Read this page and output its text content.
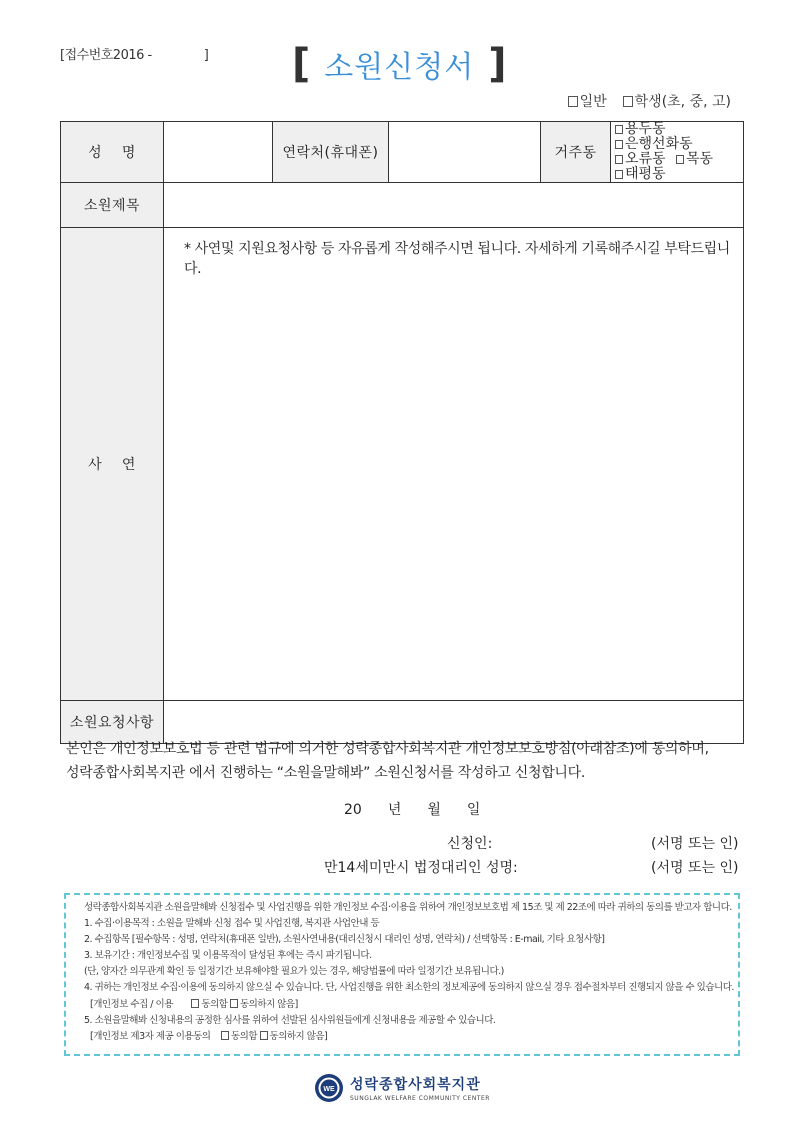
[접수번호2016 -	] [ 소원신청서 ]
일반	학생(초, 중, 고)
성    명		연락처(휴대폰)		거주동	용두동 은행선화동
오류동 목동 태평동

소원제목					
사    연	* 사연및 지원요청사항 등 자유롭게 작성해주시면 됩니다. 자세하게 기록해주시길 부탁드립니다.				
소원요청사항					
본인은 개인정보보호법 등 관련 법규에 의거한 성락종합사회복지관 개인정보보호방침(아래참조)에 동의하며,
성락종합사회복지관 에서 진행하는 “소원을말해봐” 소원신청서를 작성하고 신청합니다.
20 년 월 일
신청인:	(서명 또는 인)
만14세미만시 법정대리인 성명:	(서명 또는 인)
성락종합사회복지관 소원을말해봐 신청접수 및 사업진행을 위한 개인정보 수집·이용을 위하여 개인정보보호법 제 15조 및 제 22조에 따라 귀하의 동의를 받고자 합니다.
1. 수집·이용목적 : 소원을 말해봐 신청 접수 및 사업진행, 복지관 사업안내 등
2. 수집항목 [필수항목 : 성명, 연락처(휴대폰 일반), 소원사연내용(대리신청시 대리인 성명, 연락처) / 선택항목 : E-mail, 기타 요청사항]
3. 보유기간 : 개인정보수집 및 이용목적이 달성된 후에는 즉시 파기됩니다.
(단, 양자간 의무관계 확인 등 일정기간 보유해야할 필요가 있는 경우, 해당법률에 따라 일정기간 보유됩니다.)
4. 귀하는 개인정보 수집·이용에 동의하지 않으실 수 있습니다. 단, 사업진행을 위한 최소한의 정보제공에 동의하지 않으실 경우 접수절차부터 진행되지 않을 수 있습니다.
[개인정보 수집 / 이용	동의함 동의하지 않음]
5. 소원을말해봐 신청내용의 공정한 심사를 위하여 선발된 심사위원들에게 신청내용을 제공할 수 있습니다.
[개인정보 제3자 제공 이용동의 동의함 동의하지 않음]
WE 성락종합사회복지관
SUNGLAK WELFARE COMMUNITY CENTER
